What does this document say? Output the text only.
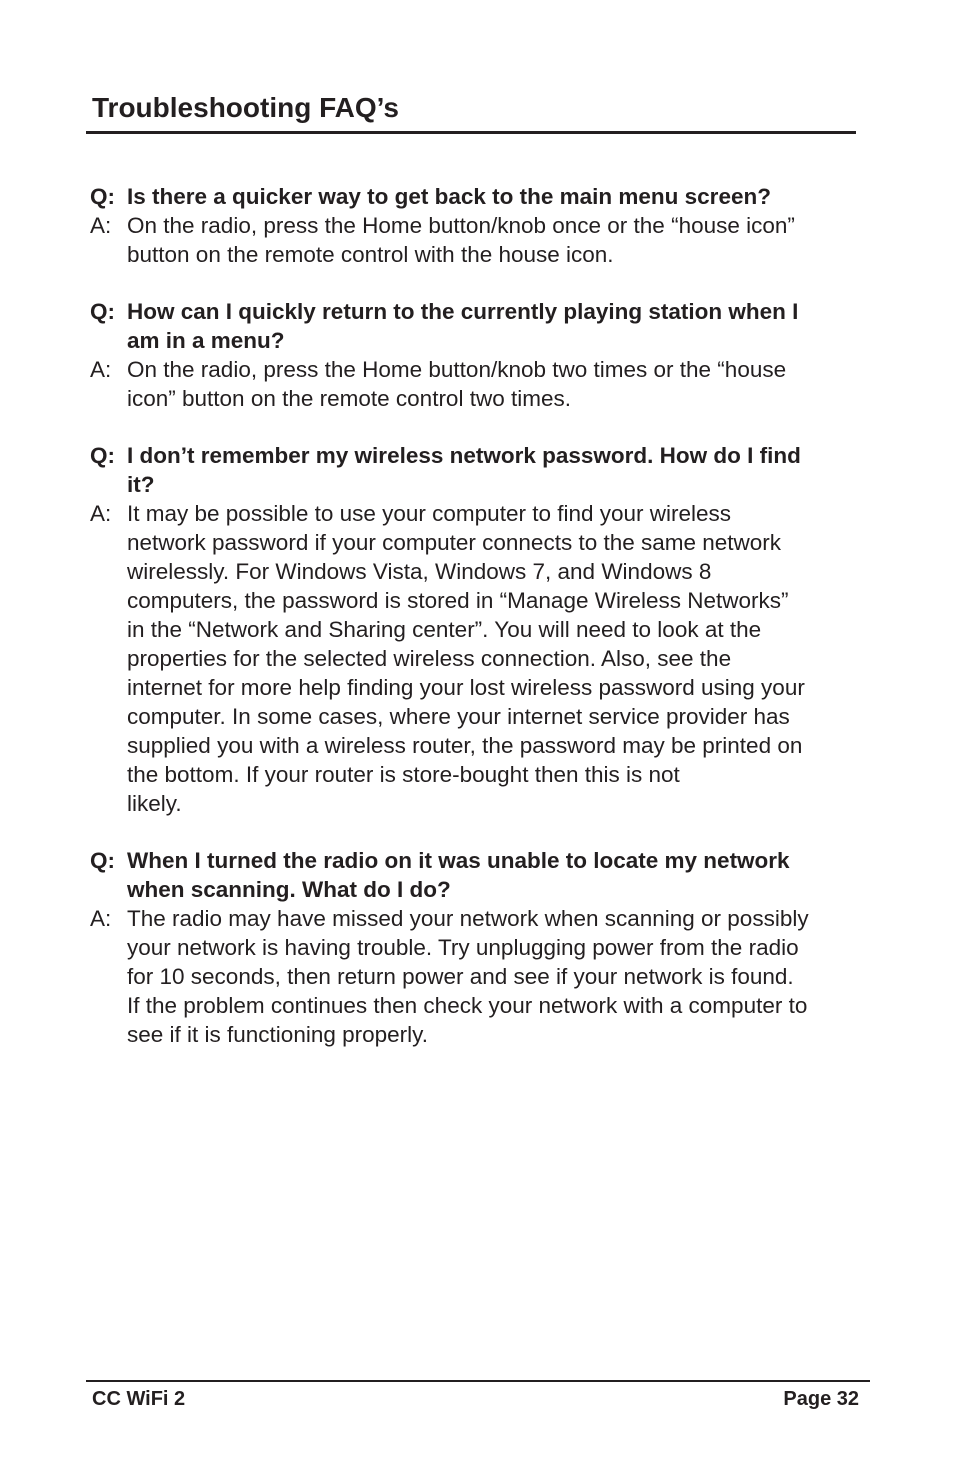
Troubleshooting FAQ’s
Q: Is there a quicker way to get back to the main menu screen?
A: On the radio, press the Home button/knob once or the “house icon”
button on the remote control with the house icon.
Q: How can I quickly return to the currently playing station when I
am in a menu?
A: On the radio, press the Home button/knob two times or the “house
icon” button on the remote control two times.
Q: I don’t remember my wireless network password. How do I find
it?
A: It may be possible to use your computer to find your wireless
network password if your computer connects to the same network
wirelessly. For Windows Vista, Windows 7, and Windows 8
computers, the password is stored in “Manage Wireless Networks”
in the “Network and Sharing center”. You will need to look at the
properties for the selected wireless connection. Also, see the
internet for more help finding your lost wireless password using your
computer. In some cases, where your internet service provider has
supplied you with a wireless router, the password may be printed on
the bottom. If your router is store-bought then this is not
likely.
Q: When I turned the radio on it was unable to locate my network
when scanning. What do I do?
A: The radio may have missed your network when scanning or possibly
your network is having trouble. Try unplugging power from the radio
for 10 seconds, then return power and see if your network is found.
If the problem continues then check your network with a computer to
see if it is functioning properly.
CC WiFi 2	Page 32
